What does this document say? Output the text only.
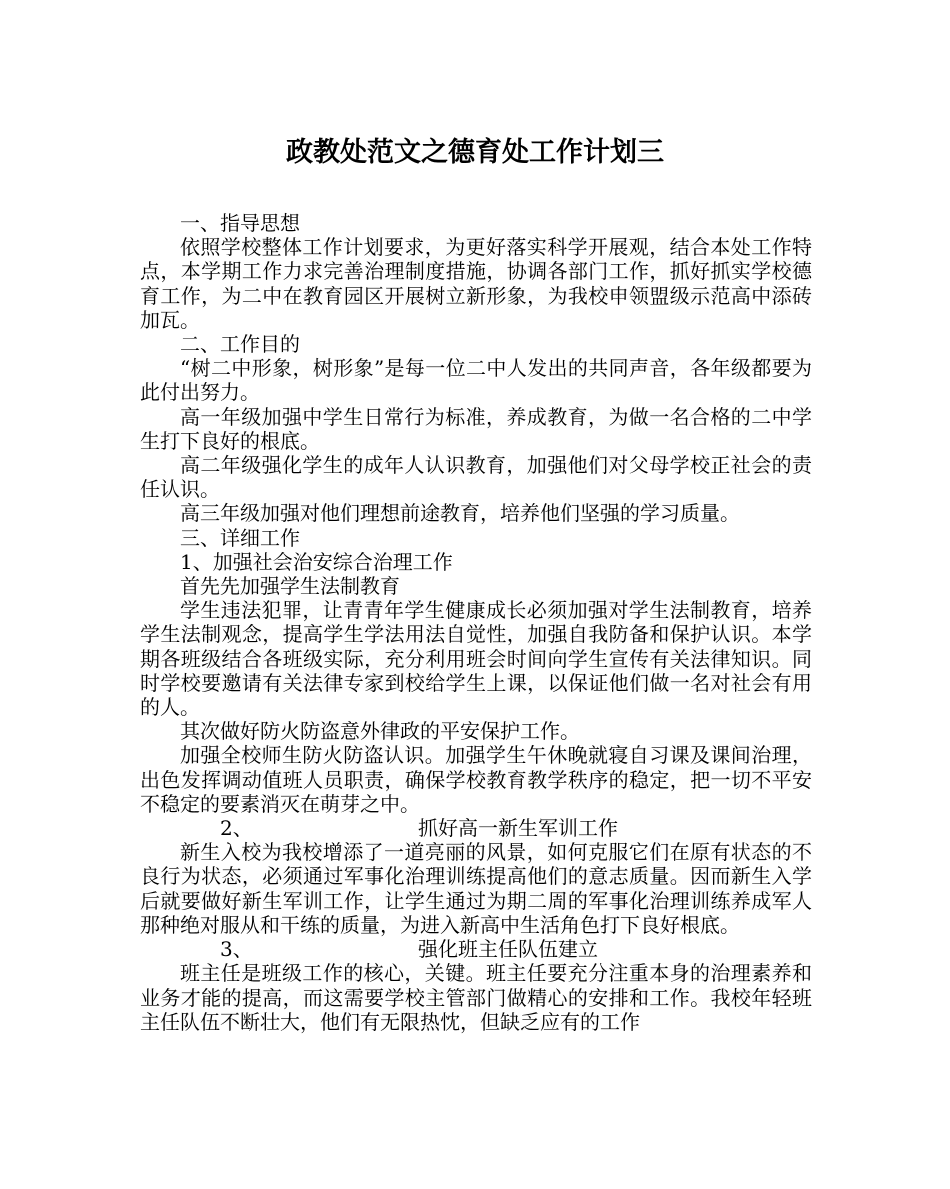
政教处范文之德育处工作计划三

一、指导思想

依照学校整体工作计划要求，为更好落实科学开展观，结合本处工作特点，本学期工作力求完善治理制度措施，协调各部门工作，抓好抓实学校德育工作，为二中在教育园区开展树立新形象，为我校申领盟级示范高中添砖加瓦。

二、工作目的

“树二中形象，树形象”是每一位二中人发出的共同声音，各年级都要为此付出努力。

高一年级加强中学生日常行为标准，养成教育，为做一名合格的二中学生打下良好的根底。

高二年级强化学生的成年人认识教育，加强他们对父母学校正社会的责任认识。

高三年级加强对他们理想前途教育，培养他们坚强的学习质量。

三、详细工作

1、加强社会治安综合治理工作

首先先加强学生法制教育

学生违法犯罪，让青青年学生健康成长必须加强对学生法制教育，培养学生法制观念，提高学生学法用法自觉性，加强自我防备和保护认识。本学期各班级结合各班级实际，充分利用班会时间向学生宣传有关法律知识。同时学校要邀请有关法律专家到校给学生上课，以保证他们做一名对社会有用的人。

其次做好防火防盗意外律政的平安保护工作。

加强全校师生防火防盗认识。加强学生午休晚就寝自习课及课间治理，出色发挥调动值班人员职责，确保学校教育教学秩序的稳定，把一切不平安不稳定的要素消灭在萌芽之中。

2、	抓好高一新生军训工作

新生入校为我校增添了一道亮丽的风景，如何克服它们在原有状态的不良行为状态，必须通过军事化治理训练提高他们的意志质量。因而新生入学后就要做好新生军训工作，让学生通过为期二周的军事化治理训练养成军人那种绝对服从和干练的质量，为进入新高中生活角色打下良好根底。

3、	强化班主任队伍建立

班主任是班级工作的核心，关键。班主任要充分注重本身的治理素养和业务才能的提高，而这需要学校主管部门做精心的安排和工作。我校年轻班主任队伍不断壮大，他们有无限热忱，但缺乏应有的工作
